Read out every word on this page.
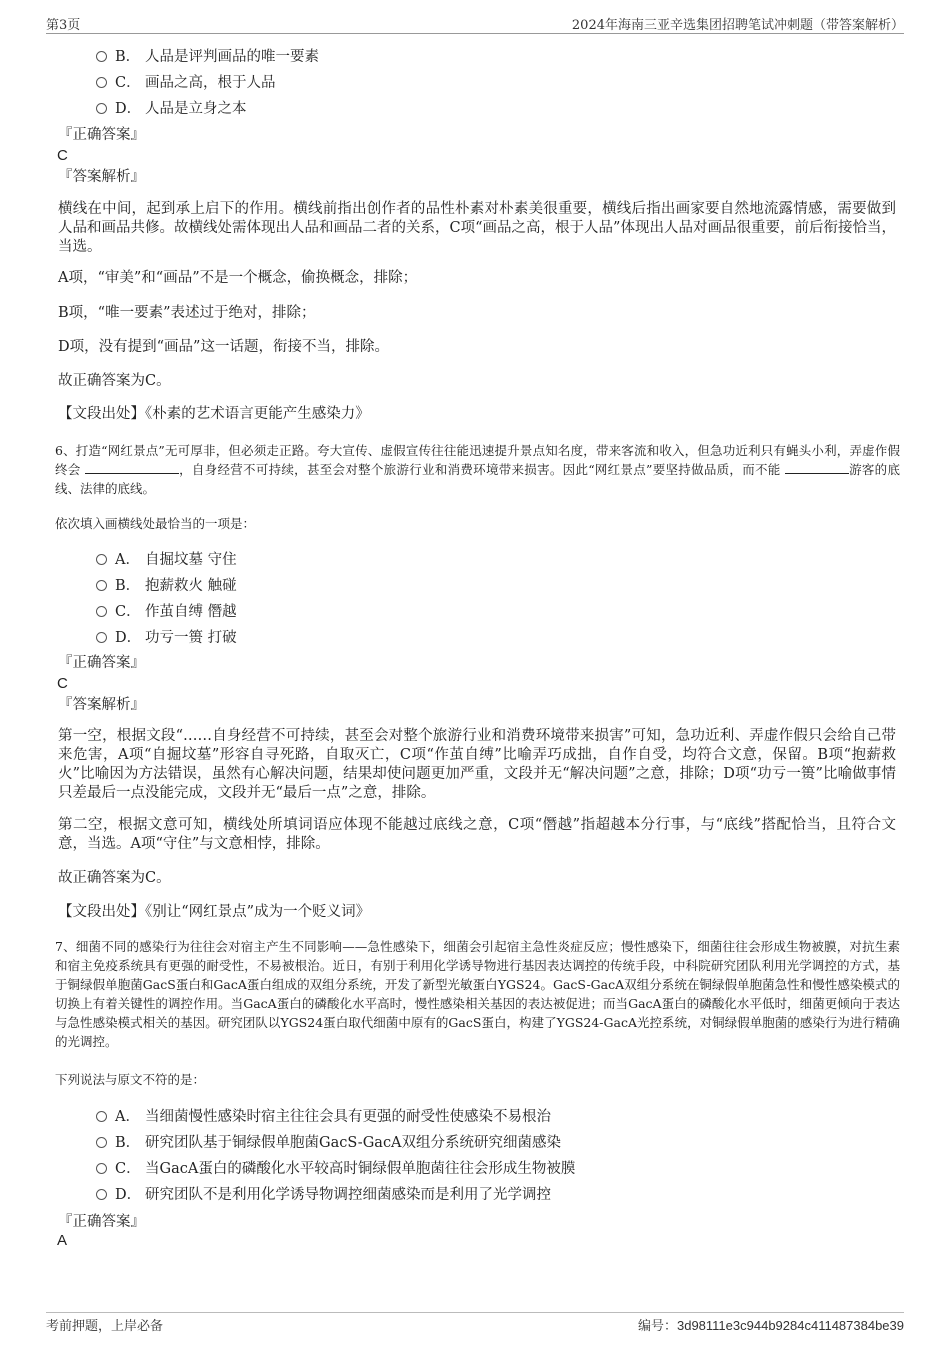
第3页	2024年海南三亚辛选集团招聘笔试冲刺题（带答案解析）
B． 人品是评判画品的唯一要素
C． 画品之高，根于人品
D． 人品是立身之本
『正确答案』
C
『答案解析』
横线在中间，起到承上启下的作用。横线前指出创作者的品性朴素对朴素美很重要，横线后指出画家要自然地流露情感，需要做到人品和画品共修。故横线处需体现出人品和画品二者的关系，C项“画品之高，根于人品”体现出人品对画品很重要，前后衔接恰当，当选。
A项，“审美”和“画品”不是一个概念，偷换概念，排除；
B项，“唯一要素”表述过于绝对，排除；
D项，没有提到“画品”这一话题，衔接不当，排除。
故正确答案为C。
【文段出处】《朴素的艺术语言更能产生感染力》
6、打造“网红景点”无可厚非，但必须走正路。夸大宣传、虚假宣传往往能迅速提升景点知名度，带来客流和收入，但急功近利只有蝇头小利，弄虚作假终会	，自身经营不可持续，甚至会对整个旅游行业和消费环境带来损害。因此“网红景点”要坚持做品质，而不能	游客的底线、法律的底线。
依次填入画横线处最恰当的一项是：
A． 自掘坟墓 守住
B． 抱薪救火 触碰
C． 作茧自缚 僭越
D． 功亏一篑 打破
『正确答案』
C
『答案解析』
第一空，根据文段“……自身经营不可持续，甚至会对整个旅游行业和消费环境带来损害”可知，急功近利、弄虚作假只会给自己带来危害，A项“自掘坟墓”形容自寻死路，自取灭亡，C项“作茧自缚”比喻弄巧成拙，自作自受，均符合文意，保留。B项“抱薪救火”比喻因为方法错误，虽然有心解决问题，结果却使问题更加严重，文段并无“解决问题”之意，排除；D项“功亏一篑”比喻做事情只差最后一点没能完成，文段并无“最后一点”之意，排除。
第二空，根据文意可知，横线处所填词语应体现不能越过底线之意，C项“僭越”指超越本分行事，与“底线”搭配恰当，且符合文意，当选。A项“守住”与文意相悖，排除。
故正确答案为C。
【文段出处】《别让“网红景点”成为一个贬义词》
7、细菌不同的感染行为往往会对宿主产生不同影响——急性感染下，细菌会引起宿主急性炎症反应；慢性感染下，细菌往往会形成生物被膜，对抗生素和宿主免疫系统具有更强的耐受性，不易被根治。近日，有别于利用化学诱导物进行基因表达调控的传统手段，中科院研究团队利用光学调控的方式，基于铜绿假单胞菌GacS蛋白和GacA蛋白组成的双组分系统，开发了新型光敏蛋白YGS24。GacS-GacA双组分系统在铜绿假单胞菌急性和慢性感染模式的切换上有着关键性的调控作用。当GacA蛋白的磷酸化水平高时，慢性感染相关基因的表达被促进；而当GacA蛋白的磷酸化水平低时，细菌更倾向于表达与急性感染模式相关的基因。研究团队以YGS24蛋白取代细菌中原有的GacS蛋白，构建了YGS24-GacA光控系统，对铜绿假单胞菌的感染行为进行精确的光调控。
下列说法与原文不符的是：
A． 当细菌慢性感染时宿主往往会具有更强的耐受性使感染不易根治
B． 研究团队基于铜绿假单胞菌GacS-GacA双组分系统研究细菌感染
C． 当GacA蛋白的磷酸化水平较高时铜绿假单胞菌往往会形成生物被膜
D． 研究团队不是利用化学诱导物调控细菌感染而是利用了光学调控
『正确答案』
A
考前押题，上岸必备	编号：3d98111e3c944b9284c411487384be39
